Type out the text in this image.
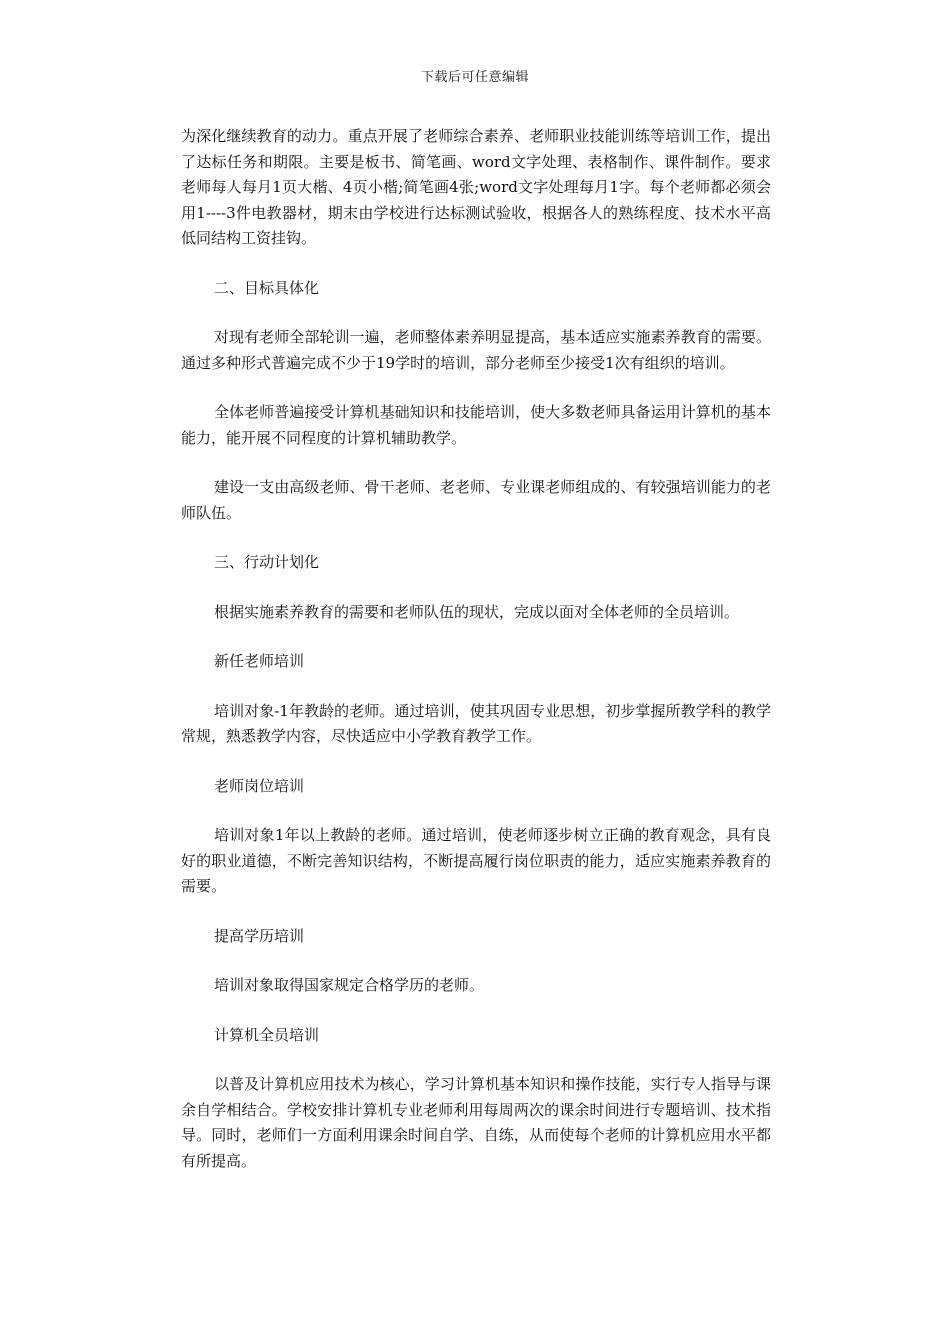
下载后可任意编辑

为深化继续教育的动力。重点开展了老师综合素养、老师职业技能训练等培训工作，提出了达标任务和期限。主要是板书、简笔画、word文字处理、表格制作、课件制作。要求老师每人每月1页大楷、4页小楷;简笔画4张;word文字处理每月1字。每个老师都必须会用1----3件电教器材，期末由学校进行达标测试验收，根据各人的熟练程度、技术水平高低同结构工资挂钩。

二、目标具体化

对现有老师全部轮训一遍，老师整体素养明显提高，基本适应实施素养教育的需要。通过多种形式普遍完成不少于19学时的培训，部分老师至少接受1次有组织的培训。

全体老师普遍接受计算机基础知识和技能培训，使大多数老师具备运用计算机的基本能力，能开展不同程度的计算机辅助教学。

建设一支由高级老师、骨干老师、老老师、专业课老师组成的、有较强培训能力的老师队伍。

三、行动计划化

根据实施素养教育的需要和老师队伍的现状，完成以面对全体老师的全员培训。

新任老师培训

培训对象-1年教龄的老师。通过培训，使其巩固专业思想，初步掌握所教学科的教学常规，熟悉教学内容，尽快适应中小学教育教学工作。

老师岗位培训

培训对象1年以上教龄的老师。通过培训，使老师逐步树立正确的教育观念，具有良好的职业道德，不断完善知识结构，不断提高履行岗位职责的能力，适应实施素养教育的需要。

提高学历培训

培训对象取得国家规定合格学历的老师。

计算机全员培训

以普及计算机应用技术为核心，学习计算机基本知识和操作技能，实行专人指导与课余自学相结合。学校安排计算机专业老师利用每周两次的课余时间进行专题培训、技术指导。同时，老师们一方面利用课余时间自学、自练，从而使每个老师的计算机应用水平都有所提高。
